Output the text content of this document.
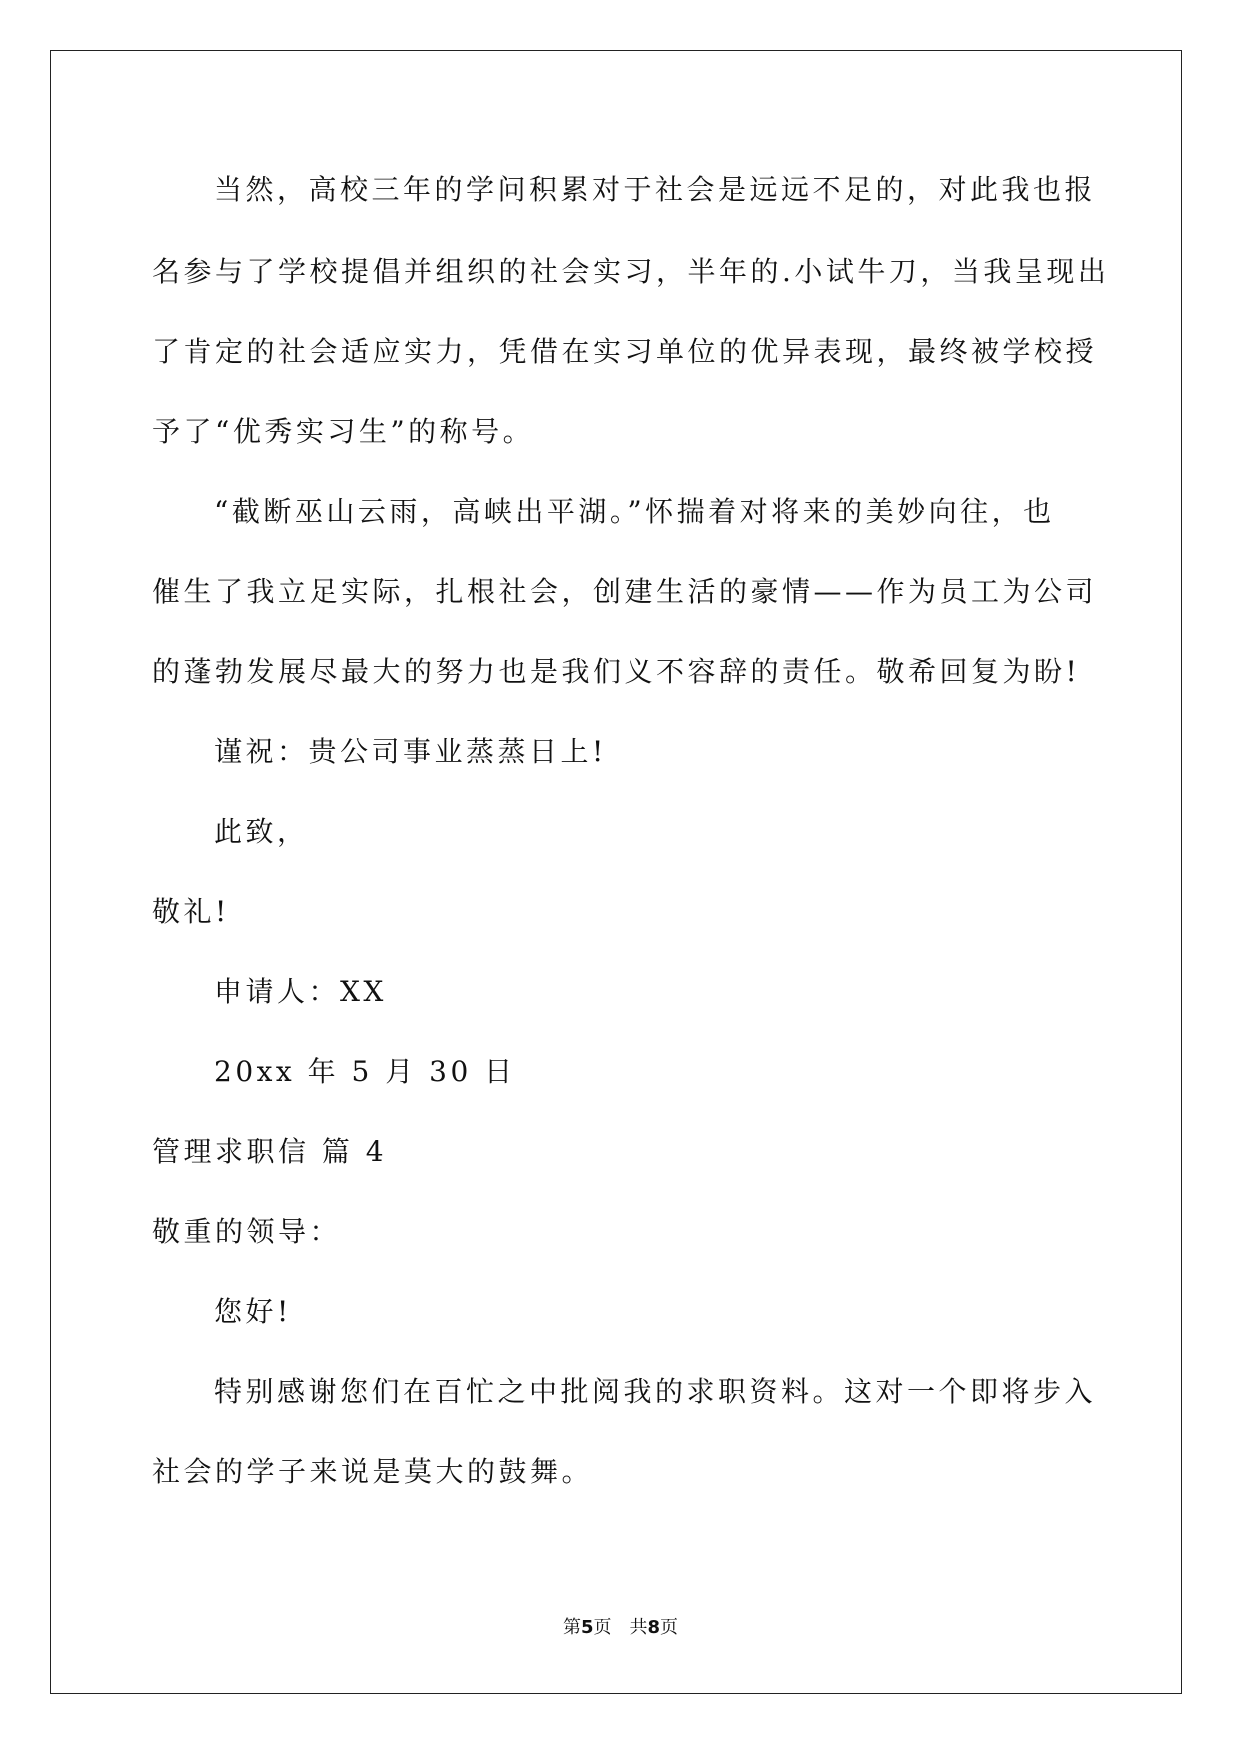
当然，高校三年的学问积累对于社会是远远不足的，对此我也报
名参与了学校提倡并组织的社会实习，半年的.小试牛刀，当我呈现出
了肯定的社会适应实力，凭借在实习单位的优异表现，最终被学校授
予了“优秀实习生”的称号。
“截断巫山云雨，高峡出平湖。”怀揣着对将来的美妙向往，也
催生了我立足实际，扎根社会，创建生活的豪情——作为员工为公司
的蓬勃发展尽最大的努力也是我们义不容辞的责任。敬希回复为盼!
谨祝：贵公司事业蒸蒸日上!
此致，
敬礼!
申请人：XX
20xx 年 5 月 30 日
管理求职信 篇 4
敬重的领导：
您好!
特别感谢您们在百忙之中批阅我的求职资料。这对一个即将步入
社会的学子来说是莫大的鼓舞。
第5页 共8页
